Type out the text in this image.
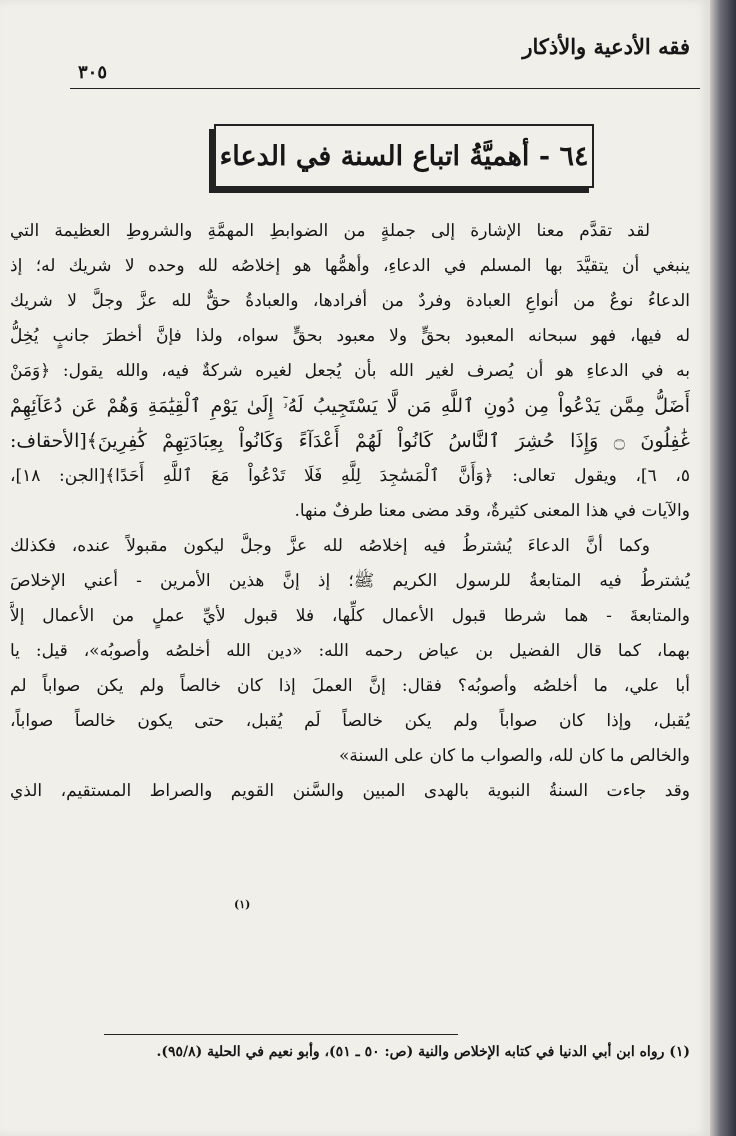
فقه الأدعية والأذكار
٣٠٥
٦٤ - أهميَّةُ اتباع السنة في الدعاء
لقد تقدَّم معنا الإشارة إلى جملةٍ من الضوابطِ المهمَّةِ والشروطِ العظيمة التي
ينبغي أن يتقيَّدَ بها المسلم في الدعاءِ، وأهمُّها هو إخلاصُه لله وحده لا شريك له؛ إذ
الدعاءُ نوعٌ من أنواعِ العبادة وفردٌ من أفرادها، والعبادةُ حقٌّ لله عزَّ وجلَّ لا شريك
له فيها، فهو سبحانه المعبود بحقٍّ ولا معبود بحقٍّ سواه، ولذا فإنَّ أخطرَ جانبٍ يُخِلُّ
به في الدعاءِ هو أن يُصرف لغير الله بأن يُجعل لغيره شركةٌ فيه، والله يقول: ﴿وَمَنْ
أَضَلُّ مِمَّن يَدْعُواْ مِن دُونِ ٱللَّهِ مَن لَّا يَسْتَجِيبُ لَهُۥٓ إِلَىٰ يَوْمِ ٱلْقِيَٰمَةِ وَهُمْ عَن دُعَآئِهِمْ
غَٰفِلُونَ ۝ وَإِذَا حُشِرَ ٱلنَّاسُ كَانُواْ لَهُمْ أَعْدَآءً وَكَانُواْ بِعِبَادَتِهِمْ كَٰفِرِينَ﴾[الأحقاف:
٥، ٦]، ويقول تعالى: ﴿وَأَنَّ ٱلْمَسَٰجِدَ لِلَّهِ فَلَا تَدْعُواْ مَعَ ٱللَّهِ أَحَدًا﴾[الجن: ١٨]،
والآيات في هذا المعنى كثيرةٌ، وقد مضى معنا طرفٌ منها.
وكما أنَّ الدعاءَ يُشترطُ فيه إخلاصُه لله عزَّ وجلَّ ليكون مقبولاً عنده، فكذلك
يُشترطُ فيه المتابعةُ للرسول الكريم ﷺ؛ إذ إنَّ هذين الأمرين - أعني الإخلاصَ
والمتابعةَ - هما شرطا قبول الأعمال كلِّها، فلا قبول لأيِّ عملٍ من الأعمال إلاَّ
بهما، كما قال الفضيل بن عياض رحمه الله: «دين الله أخلصُه وأصوبُه»، قيل: يا
أبا علي، ما أخلصُه وأصوبُه؟ فقال: إنَّ العملَ إذا كان خالصاً ولم يكن صواباً لم
يُقبل، وإذا كان صواباً ولم يكن خالصاً لَم يُقبل، حتى يكون خالصاً صواباً،
والخالص ما كان لله، والصواب ما كان على السنة»
وقد جاءت السنةُ النبوية بالهدى المبين والسَّنن القويم والصراط المستقيم، الذي
(١)
(١) رواه ابن أبي الدنيا في كتابه الإخلاص والنية (ص: ٥٠ ـ ٥١)، وأبو نعيم في الحلية (٩٥/٨).
